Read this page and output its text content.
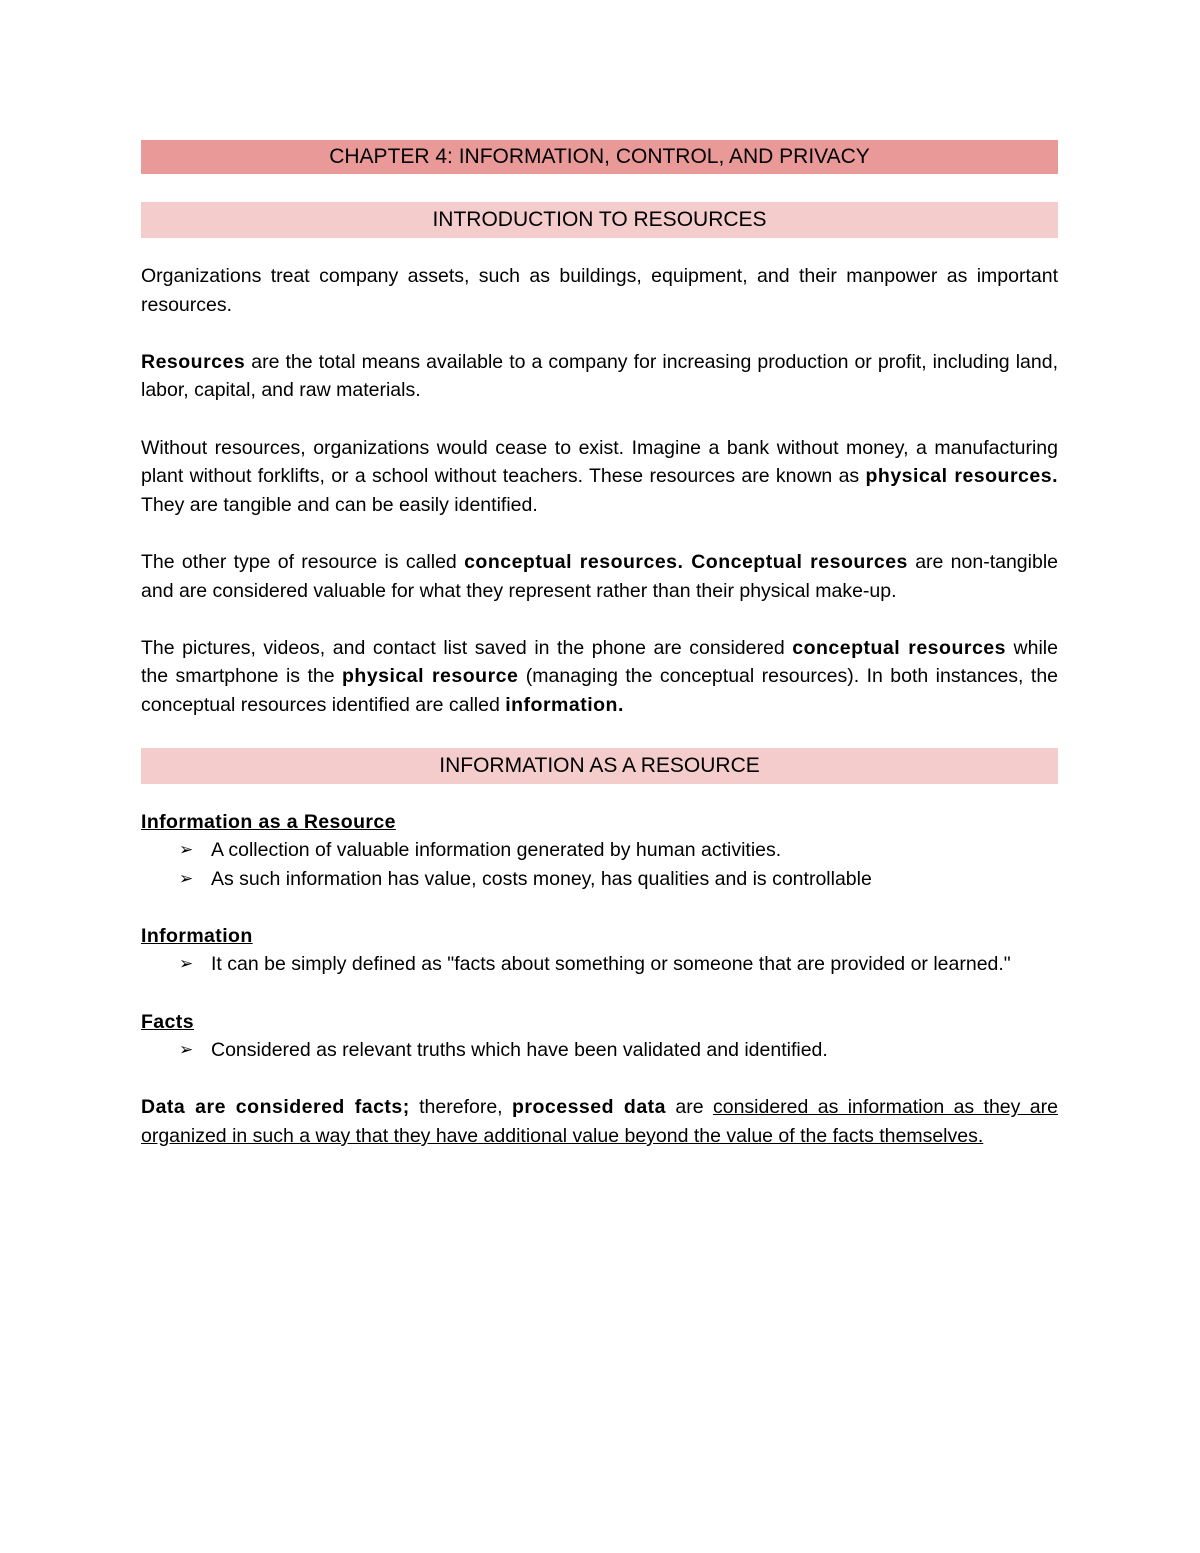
CHAPTER 4: INFORMATION, CONTROL, AND PRIVACY
INTRODUCTION TO RESOURCES

Organizations treat company assets, such as buildings, equipment, and their manpower as important resources.

Resources are the total means available to a company for increasing production or profit, including land, labor, capital, and raw materials.

Without resources, organizations would cease to exist. Imagine a bank without money, a manufacturing plant without forklifts, or a school without teachers. These resources are known as physical resources. They are tangible and can be easily identified.

The other type of resource is called conceptual resources. Conceptual resources are non-tangible and are considered valuable for what they represent rather than their physical make-up.

The pictures, videos, and contact list saved in the phone are considered conceptual resources while the smartphone is the physical resource (managing the conceptual resources). In both instances, the conceptual resources identified are called information.

INFORMATION AS A RESOURCE
Information as a Resource
➢ A collection of valuable information generated by human activities.
➢ As such information has value, costs money, has qualities and is controllable
Information
➢ It can be simply defined as "facts about something or someone that are provided or learned."
Facts
➢ Considered as relevant truths which have been validated and identified.

Data are considered facts; therefore, processed data are considered as information as they are organized in such a way that they have additional value beyond the value of the facts themselves.
